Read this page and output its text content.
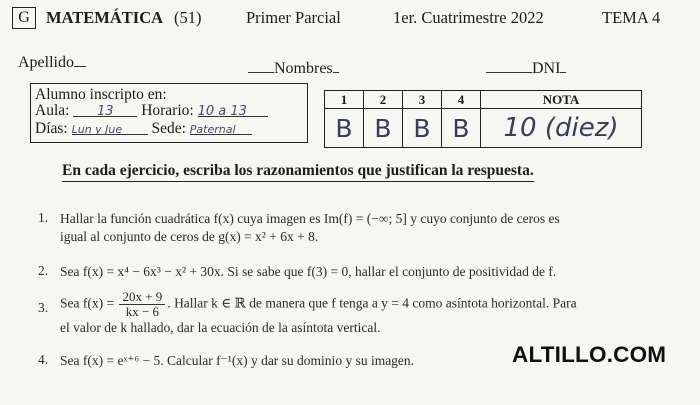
G MATEMÁTICA (51)	Primer Parcial	1er. Cuatrimestre 2022	TEMA 4
Apellido	Nombres	DNI
Alumno inscripto en:
Aula: 13 Horario: 10 a 13
Días: Lun y Jue Sede: Paternal
1	2	3	4	NOTA
B	B	B	B	10 (diez)
En cada ejercicio, escriba los razonamientos que justifican la respuesta.
1. Hallar la función cuadrática f(x) cuya imagen es Im(f) = (−∞; 5] y cuyo conjunto de ceros es
igual al conjunto de ceros de g(x) = x² + 6x + 8.
2. Sea f(x) = x⁴ − 6x³ − x² + 30x. Si se sabe que f(3) = 0, hallar el conjunto de positividad de f.
3. Sea $f(x) = \frac{20x + 9}{kx - 6}$ . Hallar k ∈ ℝ de manera que f tenga a y = 4 como asíntota horizontal. Para
el valor de k hallado, dar la ecuación de la asíntota vertical.
4. Sea f(x) = eˣ⁺⁶ − 5. Calcular f⁻¹(x) y dar su dominio y su imagen.	ALTILLO.COM
